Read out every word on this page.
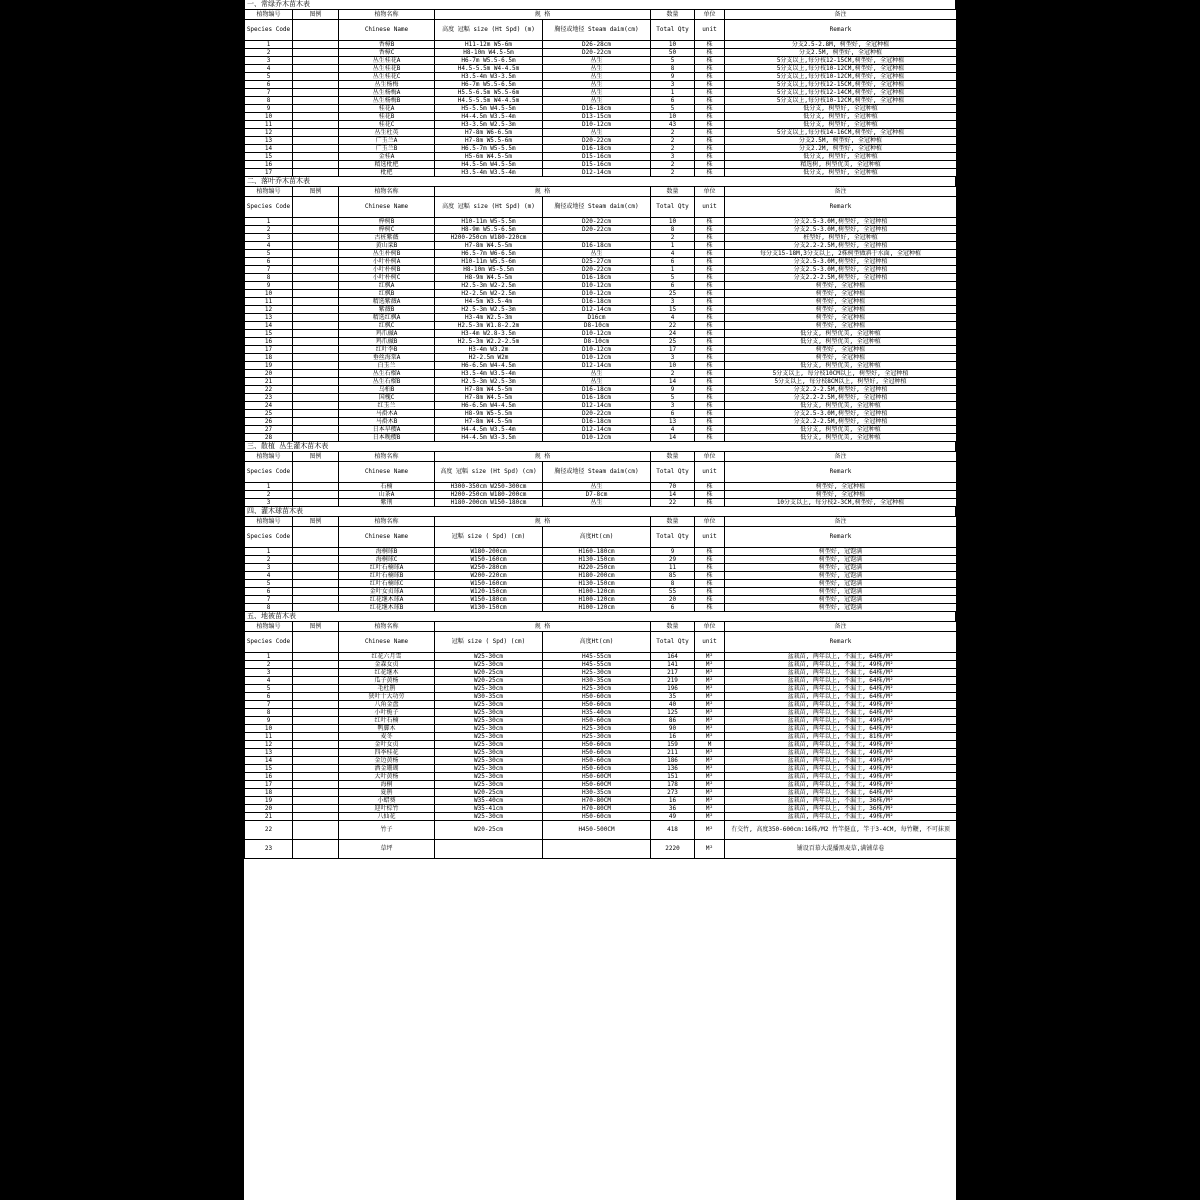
一、常绿乔木苗木表
植物编号	图例	植物名称	规 格		数量	单位	备注
Species Code		Chinese Name	高度 冠幅 size (Ht Spd) (m)	胸径或地径 Steam daim(cm)	Total Qty	unit	Remark
1		香樟B	H11-12m W5-6m	D26-28cm	10	株	分支2.5-2.8M, 树型好, 全冠种植
2		香樟C	H8-10m W4.5-5m	D20-22cm	50	株	分支2.5M, 树型好, 全冠种植
3		丛生桂花A	H6-7m W5.5-6.5m	丛生	5	株	5分支以上,每分枝12-15CM,树型好, 全冠种植
4		丛生桂花B	H4.5-5.5m W4-4.5m	丛生	8	株	5分支以上,每分枝10-12CM,树型好, 全冠种植
5		丛生桂花C	H3.5-4m W3-3.5m	丛生	9	株	5分支以上,每分枝10-12CM,树型好, 全冠种植
6		丛生杨梅	H6-7m W5.5-6.5m	丛生	3	株	5分支以上,每分枝12-15CM,树型好, 全冠种植
7		丛生杨梅A	H5.5-6.5m W5.5-6m	丛生	1	株	5分支以上,每分枝12-14CM,树型好, 全冠种植
8		丛生杨梅B	H4.5-5.5m W4-4.5m	丛生	6	株	5分支以上,每分枝10-12CM,树型好, 全冠种植
9		桂花A	H5-5.5m W4.5-5m	D16-18cm	5	株	低分支, 树型好, 全冠种植
10		桂花B	H4-4.5m W3.5-4m	D13-15cm	10	株	低分支, 树型好, 全冠种植
11		桂花C	H3-3.5m W2.5-3m	D10-12cm	43	株	低分支, 树型好, 全冠种植
12		丛生杜英	H7-8m W6-6.5m	丛生	2	株	5分支以上,每分枝14-16CM,树型好, 全冠种植
13		广玉兰A	H7-8m W5.5-6m	D20-22cm	2	株	分支2.5M, 树型好, 全冠种植
14		广玉兰B	H6.5-7m W5-5.5m	D16-18cm	2	株	分支2.2M, 树型好, 全冠种植
15		金桂A	H5-6m W4.5-5m	D15-16cm	3	株	低分支, 树型好, 全冠种植
16		精选枇杷	H4.5-5m W4.5-5m	D15-16cm	2	株	精选树, 树型优美, 全冠种植
17		枇杷	H3.5-4m W3.5-4m	D12-14cm	2	株	低分支, 树型好, 全冠种植
二、落叶乔木苗木表
植物编号	图例	植物名称	规 格		数量	单位	备注
Species Code		Chinese Name	高度 冠幅 size (Ht Spd) (m)	胸径或地径 Steam daim(cm)	Total Qty	unit	Remark
1		榉树B	H10-11m W5-5.5m	D20-22cm	10	株	分支2.5-3.0M,树型好, 全冠种植
2		榉树C	H8-9m W5.5-6.5m	D20-22cm	8	株	分支2.5-3.0M,树型好, 全冠种植
3		古桩紫薇	H200-250cm W180-220cm		2	株	桩型好, 树型好, 全冠种植
4		黄山栾B	H7-8m W4.5-5m	D16-18cm	1	株	分支2.2-2.5M,树型好, 全冠种植
5		丛生朴树B	H6.5-7m W6-6.5m	丛生	4	株	每分支15-18M,3分支以上, 2株树型做斜于水面, 全冠种植
6		小叶朴树A	H10-11m W5.5-6m	D25-27cm	6	株	分支2.5-3.0M,树型好, 全冠种植
7		小叶朴树B	H8-10m W5-5.5m	D20-22cm	1	株	分支2.5-3.0M,树型好, 全冠种植
8		小叶朴树C	H8-9m W4.5-5m	D16-18cm	5	株	分支2.2-2.5M,树型好, 全冠种植
9		红枫A	H2.5-3m W2-2.5m	D10-12cm	6	株	树型好, 全冠种植
10		红枫B	H2-2.5m W2-2.5m	D10-12cm	25	株	树型好, 全冠种植
11		精选紫薇A	H4-5m W3.5-4m	D16-18cm	3	株	树型好, 全冠种植
12		紫薇B	H2.5-3m W2.5-3m	D12-14cm	15	株	树型好, 全冠种植
13		精选红枫A	H3-4m W2.5-3m	D16cm	4	株	树型好, 全冠种植
14		红枫C	H2.5-3m W1.8-2.2m	D8-10cm	22	株	树型好, 全冠种植
15		鸡爪槭A	H3-4m W2.8-3.5m	D10-12cm	24	株	低分支, 树型优美, 全冠种植
16		鸡爪槭B	H2.5-3m W2.2-2.5m	D8-10cm	25	株	低分支, 树型优美, 全冠种植
17		红叶李B	H3-4m W3.2m	D10-12cm	17	株	树型好, 全冠种植
18		垂丝海棠A	H2-2.5m W2m	D10-12cm	3	株	树型好, 全冠种植
19		白玉兰	H6-6.5m W4-4.5m	D12-14cm	10	株	低分支, 树型优美, 全冠种植
20		丛生石榴A	H3.5-4m W3.5-4m	丛生	2	株	5分支以上, 每分枝10CM以上, 树型好, 全冠种植
21		丛生石榴B	H2.5-3m W2.5-3m	丛生	14	株	5分支以上, 每分枝8CM以上, 树型好, 全冠种植
22		乌桕B	H7-8m W4.5-5m	D16-18cm	9	株	分支2.2-2.5M,树型好, 全冠种植
23		国槐C	H7-8m W4.5-5m	D16-18cm	5	株	分支2.2-2.5M,树型好, 全冠种植
24		红玉兰	H6-6.5m W4-4.5m	D12-14cm	3	株	低分支, 树型优美, 全冠种植
25		马褂木A	H8-9m W5-5.5m	D20-22cm	6	株	分支2.5-3.0M,树型好, 全冠种植
26		马褂木B	H7-8m W4.5-5m	D16-18cm	13	株	分支2.2-2.5M,树型好, 全冠种植
27		日本早樱A	H4-4.5m W3.5-4m	D12-14cm	4	株	低分支, 树型优美, 全冠种植
28		日本晚樱B	H4-4.5m W3-3.5m	D10-12cm	14	株	低分支, 树型优美, 全冠种植
三、散植 丛生灌木苗木表
植物编号	图例	植物名称	规 格		数量	单位	备注
Species Code		Chinese Name	高度 冠幅 size (Ht Spd) (cm)	胸径或地径 Steam daim(cm)	Total Qty	unit	Remark
1		石楠	H300-350cm W250-300cm	丛生	70	株	树型好, 全冠种植
2		山茶A	H200-250cm W180-200cm	D7-8cm	14	株	树型好, 全冠种植
3		紫荆	H180-200cm W150-180cm	丛生	22	株	10分支以上, 每分枝2-3CM,树型好, 全冠种植
四、灌木球苗木表
植物编号	图例	植物名称	规 格		数量	单位	备注
Species Code		Chinese Name	冠幅 size ( Spd) (cm)	高度Ht(cm)	Total Qty	unit	Remark
1		海桐球B	W180-200cm	H160-180cm	9	株	树型好, 冠饱满
2		海桐球C	W150-160cm	H130-150cm	29	株	树型好, 冠饱满
3		红叶石楠球A	W250-280cm	H220-250cm	11	株	树型好, 冠饱满
4		红叶石楠球B	W200-220cm	H180-200cm	85	株	树型好, 冠饱满
5		红叶石楠球C	W150-160cm	H130-150cm	8	株	树型好, 冠饱满
6		金叶女贞球A	W120-150cm	H100-120cm	55	株	树型好, 冠饱满
7		红花继木球A	W150-180cm	H100-120cm	20	株	树型好, 冠饱满
8		红花继木球B	W130-150cm	H100-120cm	6	株	树型好, 冠饱满
五、地被苗木表
植物编号	图例	植物名称	规 格		数量	单位	备注
Species Code		Chinese Name	冠幅 size ( Spd) (cm)	高度Ht(cm)	Total Qty	unit	Remark
1		红花六月雪	W25-30cm	H45-55cm	164	M²	盆栽苗, 两年以上, 不漏土, 64株/M²
2		金森女贞	W25-30cm	H45-55cm	141	M²	盆栽苗, 两年以上, 不漏土, 49株/M²
3		红花继木	W20-25cm	H25-30cm	217	M²	盆栽苗, 两年以上, 不漏土, 64株/M²
4		瓜子黄杨	W20-25cm	H30-35cm	219	M²	盆栽苗, 两年以上, 不漏土, 64株/M²
5		毛杜鹃	W25-30cm	H25-30cm	196	M²	盆栽苗, 两年以上, 不漏土, 64株/M²
6		狭叶十大功劳	W30-35cm	H50-60cm	35	M²	盆栽苗, 两年以上, 不漏土, 64株/M²
7		八角金盘	W25-30cm	H50-60cm	40	M²	盆栽苗, 两年以上, 不漏土, 49株/M²
8		小叶栀子	W25-30cm	H35-40cm	125	M²	盆栽苗, 两年以上, 不漏土, 64株/M²
9		红叶石楠	W25-30cm	H50-60cm	86	M²	盆栽苗, 两年以上, 不漏土, 49株/M²
10		鸭脚木	W25-30cm	H25-30cm	90	M²	盆栽苗, 两年以上, 不漏土, 64株/M²
11		麦冬	W25-30cm	H25-30cm	16	M²	盆栽苗, 两年以上, 不漏土, 81株/M²
12		金叶女贞	W25-30cm	H50-60cm	159	M	盆栽苗, 两年以上, 不漏土, 49株/M²
13		四季桂花	W25-30cm	H50-60cm	211	M²	盆栽苗, 两年以上, 不漏土, 49株/M²
14		金边黄杨	W25-30cm	H50-60cm	186	M²	盆栽苗, 两年以上, 不漏土, 49株/M²
15		洒金珊瑚	W25-30cm	H50-60cm	136	M²	盆栽苗, 两年以上, 不漏土, 49株/M²
16		大叶黄杨	W25-30cm	H50-60CM	151	M²	盆栽苗, 两年以上, 不漏土, 49株/M²
17		海桐	W25-30cm	H50-60CM	178	M²	盆栽苗, 两年以上, 不漏土, 49株/M²
18		夏鹃	W20-25cm	H30-35cm	273	M²	盆栽苗, 两年以上, 不漏土, 64株/M²
19		小蜡葵	W35-40cm	H70-80CM	16	M²	盆栽苗, 两年以上, 不漏土, 36株/M²
20		迎叶棕竹	W35-41cm	H70-80CM	36	M²	盆栽苗, 两年以上, 不漏土, 36株/M²
21		八仙花	W25-30cm	H50-60cm	49	M²	盆栽苗, 两年以上, 不漏土, 49株/M²
22		竹子	W20-25cm	H450-500CM	418	M²	冇交竹, 高度350-600cm:16株/M2 竹竿挺直, 竿于3-4CM, 每竹鞭, 不可抹顶
23		草坪			2220	M²	铺设百慕大混播黑麦草,满铺草卷
